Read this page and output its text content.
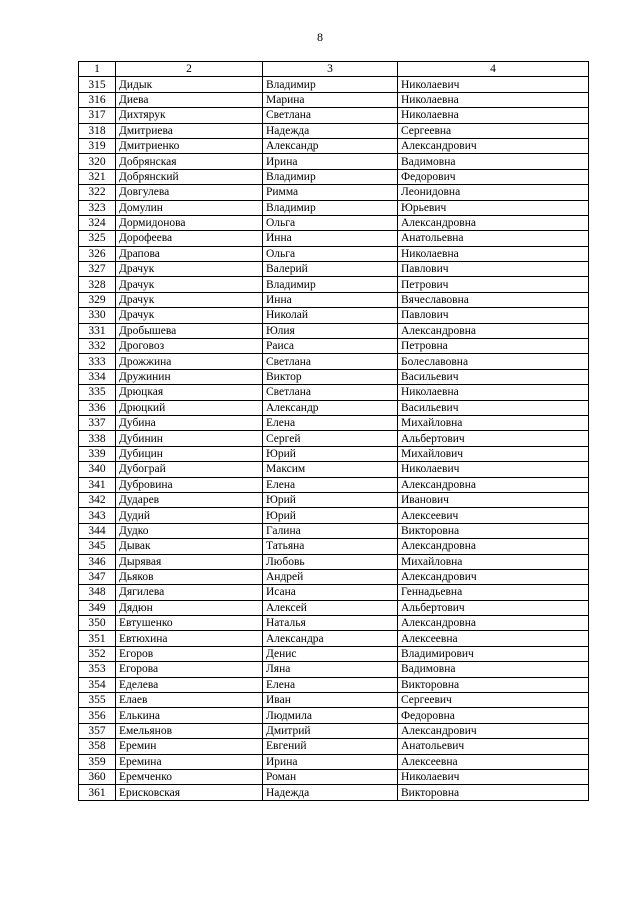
8
1	2	3	4
315	Дидык	Владимир	Николаевич
316	Диева	Марина	Николаевна
317	Дихтярук	Светлана	Николаевна
318	Дмитриева	Надежда	Сергеевна
319	Дмитриенко	Александр	Александрович
320	Добрянская	Ирина	Вадимовна
321	Добрянский	Владимир	Федорович
322	Довгулева	Римма	Леонидовна
323	Домулин	Владимир	Юрьевич
324	Дормидонова	Ольга	Александровна
325	Дорофеева	Инна	Анатольевна
326	Драпова	Ольга	Николаевна
327	Драчук	Валерий	Павлович
328	Драчук	Владимир	Петрович
329	Драчук	Инна	Вячеславовна
330	Драчук	Николай	Павлович
331	Дробышева	Юлия	Александровна
332	Дроговоз	Раиса	Петровна
333	Дрожжина	Светлана	Болеславовна
334	Дружинин	Виктор	Васильевич
335	Дрюцкая	Светлана	Николаевна
336	Дрюцкий	Александр	Васильевич
337	Дубина	Елена	Михайловна
338	Дубинин	Сергей	Альбертович
339	Дубицин	Юрий	Михайлович
340	Дубограй	Максим	Николаевич
341	Дубровина	Елена	Александровна
342	Дударев	Юрий	Иванович
343	Дудий	Юрий	Алексеевич
344	Дудко	Галина	Викторовна
345	Дывак	Татьяна	Александровна
346	Дырявая	Любовь	Михайловна
347	Дьяков	Андрей	Александрович
348	Дягилева	Исана	Геннадьевна
349	Дядюн	Алексей	Альбертович
350	Евтушенко	Наталья	Александровна
351	Евтюхина	Александра	Алексеевна
352	Егоров	Денис	Владимирович
353	Егорова	Ляна	Вадимовна
354	Еделева	Елена	Викторовна
355	Елаев	Иван	Сергеевич
356	Елькина	Людмила	Федоровна
357	Емельянов	Дмитрий	Александрович
358	Еремин	Евгений	Анатольевич
359	Еремина	Ирина	Алексеевна
360	Еремченко	Роман	Николаевич
361	Ерисковская	Надежда	Викторовна
